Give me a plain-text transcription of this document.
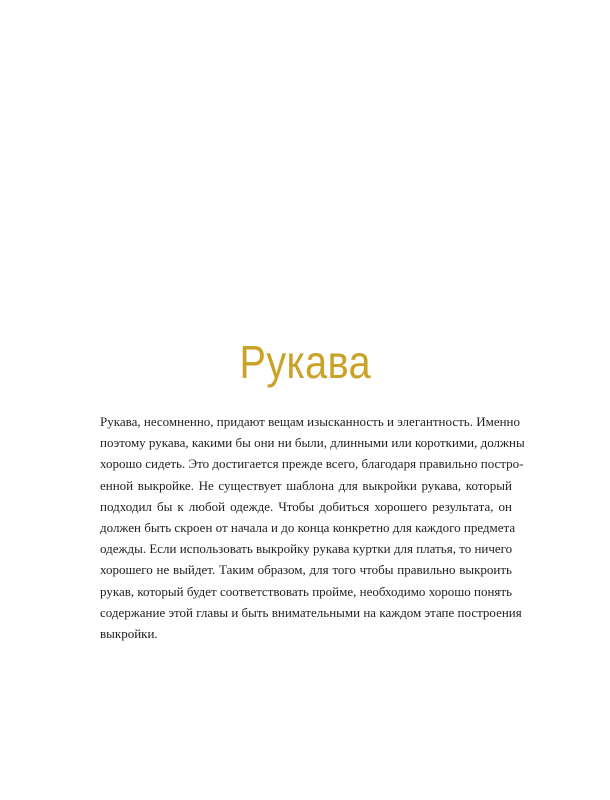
Рукава
Рукава, несомненно, придают вещам изысканность и элегантность. Именно
поэтому рукава, какими бы они ни были, длинными или короткими, должны
хорошо сидеть. Это достигается прежде всего, благодаря правильно постро-
енной выкройке. Не существует шаблона для выкройки рукава, который
подходил бы к любой одежде. Чтобы добиться хорошего результата, он
должен быть скроен от начала и до конца конкретно для каждого предмета
одежды. Если использовать выкройку рукава куртки для платья, то ничего
хорошего не выйдет. Таким образом, для того чтобы правильно выкроить
рукав, который будет соответствовать пройме, необходимо хорошо понять
содержание этой главы и быть внимательными на каждом этапе построения
выкройки.
